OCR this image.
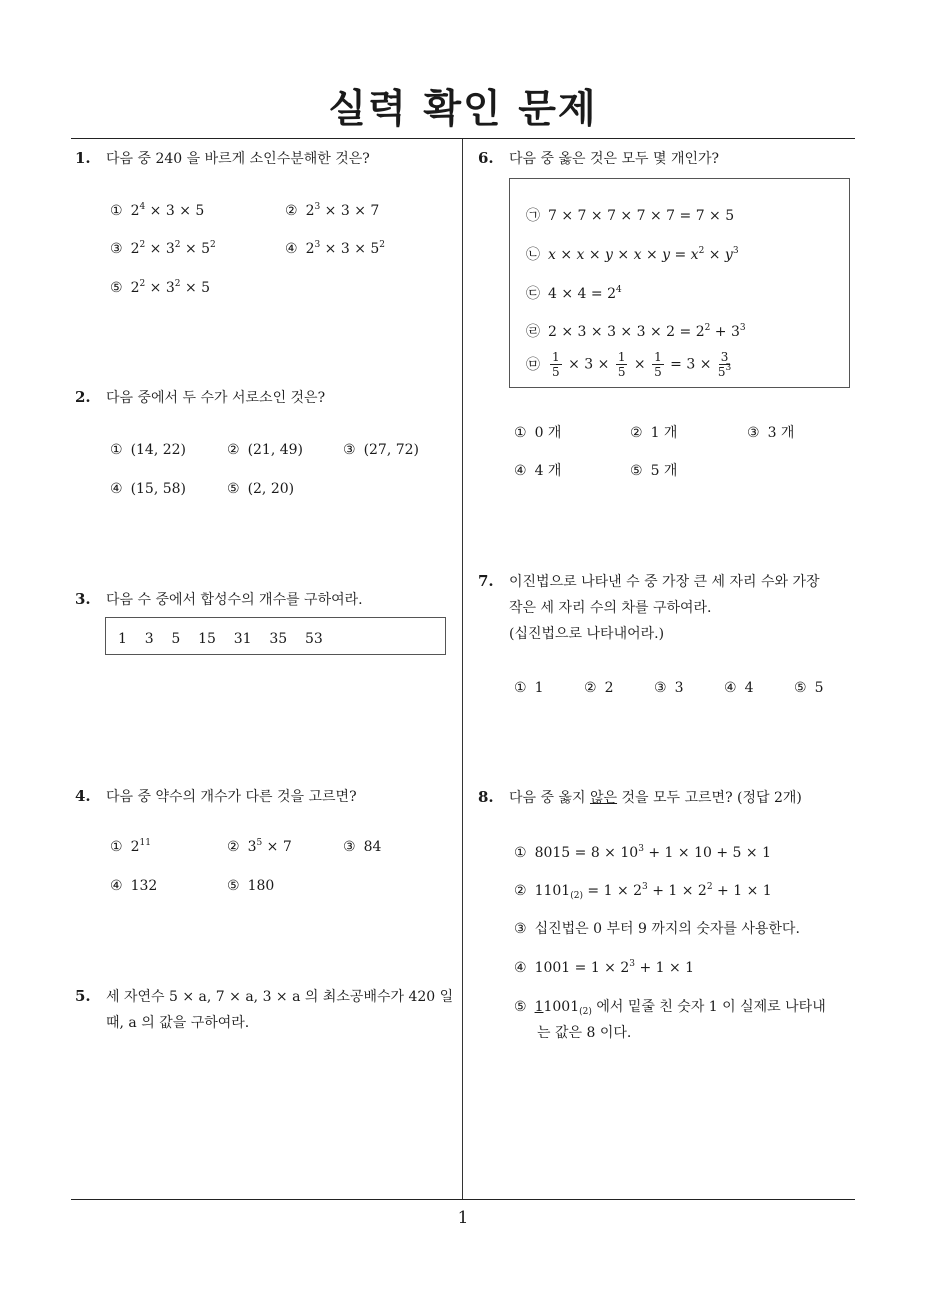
실력 확인 문제
1
1. 다음 중 240 을 바르게 소인수분해한 것은?
① $2^4 \times 3 \times 5$	② $2^3 \times 3 \times 7$
③ $2^2 \times 3^2 \times 5^2$	④ $2^3 \times 3 \times 5^2$
⑤ $2^2 \times 3^2 \times 5$
2. 다음 중에서 두 수가 서로소인 것은?
① (14, 22)	② (21, 49)	③ (27, 72)
④ (15, 58)	⑤ (2, 20)
3. 다음 수 중에서 합성수의 개수를 구하여라.
1    3    5    15    31    35    53
4. 다음 중 약수의 개수가 다른 것을 고르면?
① $2^{11}$	② $3^5 \times 7$	③ 84
④ 132	⑤ 180
5. 세 자연수 5 × a, 7 × a, 3 × a 의 최소공배수가 420 일
때, a 의 값을 구하여라.
6. 다음 중 옳은 것은 모두 몇 개인가?
㉠ 7 × 7 × 7 × 7 × 7 = 7 × 5
㉡ $x \times x \times y \times x \times y = x^2 \times y^3$
㉢ $4 \times 4 = 2^4$
㉣ $2 \times 3 \times 3 \times 3 \times 2 = 2^2 + 3^3$
㉤ $\frac{1}{5} \times 3 \times \frac{1}{5} \times \frac{1}{5} = 3 \times \frac{3}{5^3}$
① 0 개	② 1 개	③ 3 개
④ 4 개	⑤ 5 개
7. 이진법으로 나타낸 수 중 가장 큰 세 자리 수와 가장
작은 세 자리 수의 차를 구하여라.
(십진법으로 나타내어라.)
① 1	② 2	③ 3	④ 4	⑤ 5
8. 다음 중 옳지 않은 것을 모두 고르면? (정답 2개)
① $8015 = 8 \times 10^3 + 1 \times 10 + 5 \times 1$
② $1101_{(2)} = 1 \times 2^3 + 1 \times 2^2 + 1 \times 1$
③ 십진법은 0 부터 9 까지의 숫자를 사용한다.
④ $1001 = 1 \times 2^3 + 1 \times 1$
⑤ $11001_{(2)}$ 에서 밑줄 친 숫자 1 이 실제로 나타내
는 값은 8 이다.
